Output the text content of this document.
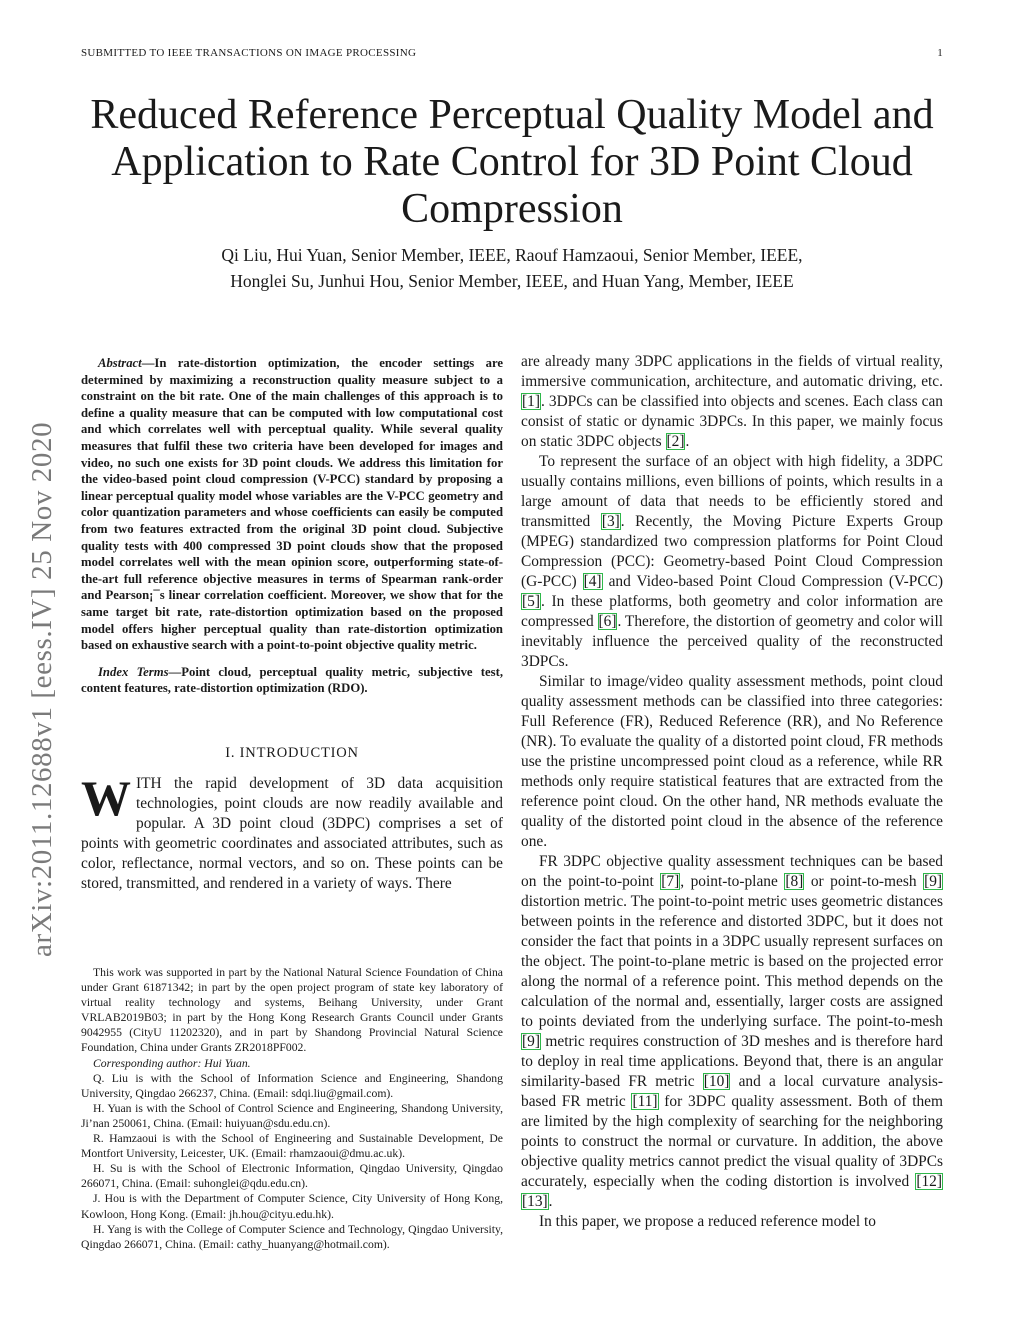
SUBMITTED TO IEEE TRANSACTIONS ON IMAGE PROCESSING	1
Reduced Reference Perceptual Quality Model and
Application to Rate Control for 3D Point Cloud
Compression
Qi Liu, Hui Yuan, Senior Member, IEEE, Raouf Hamzaoui, Senior Member, IEEE,
Honglei Su, Junhui Hou, Senior Member, IEEE, and Huan Yang, Member, IEEE
arXiv:2011.12688v1 [eess.IV] 25 Nov 2020

Abstract—In rate-distortion optimization, the encoder settings are determined by maximizing a reconstruction quality measure subject to a constraint on the bit rate. One of the main challenges of this approach is to define a quality measure that can be computed with low computational cost and which correlates well with perceptual quality. While several quality measures that fulfil these two criteria have been developed for images and video, no such one exists for 3D point clouds. We address this limitation for the video-based point cloud compression (V-PCC) standard by proposing a linear perceptual quality model whose variables are the V-PCC geometry and color quantization parameters and whose coefficients can easily be computed from two features extracted from the original 3D point cloud. Subjective quality tests with 400 compressed 3D point clouds show that the proposed model correlates well with the mean opinion score, outperforming state-of-the-art full reference objective measures in terms of Spearman rank-order and Pearson¡¯s linear correlation coefficient. Moreover, we show that for the same target bit rate, rate-distortion optimization based on the proposed model offers higher perceptual quality than rate-distortion optimization based on exhaustive search with a point-to-point objective quality metric.

Index Terms—Point cloud, perceptual quality metric, subjective test, content features, rate-distortion optimization (RDO).

I. INTRODUCTION

WITH the rapid development of 3D data acquisition technologies, point clouds are now readily available and popular. A 3D point cloud (3DPC) comprises a set of points with geometric coordinates and associated attributes, such as color, reflectance, normal vectors, and so on. These points can be stored, transmitted, and rendered in a variety of ways. There

This work was supported in part by the National Natural Science Foundation of China under Grant 61871342; in part by the open project program of state key laboratory of virtual reality technology and systems, Beihang University, under Grant VRLAB2019B03; in part by the Hong Kong Research Grants Council under Grants 9042955 (CityU 11202320), and in part by Shandong Provincial Natural Science Foundation, China under Grants ZR2018PF002.

Corresponding author: Hui Yuan.

Q. Liu is with the School of Information Science and Engineering, Shandong University, Qingdao 266237, China. (Email: sdqi.liu@gmail.com).

H. Yuan is with the School of Control Science and Engineering, Shandong University, Ji’nan 250061, China. (Email: huiyuan@sdu.edu.cn).

R. Hamzaoui is with the School of Engineering and Sustainable Development, De Montfort University, Leicester, UK. (Email: rhamzaoui@dmu.ac.uk).

H. Su is with the School of Electronic Information, Qingdao University, Qingdao 266071, China. (Email: suhonglei@qdu.edu.cn).

J. Hou is with the Department of Computer Science, City University of Hong Kong, Kowloon, Hong Kong. (Email: jh.hou@cityu.edu.hk).

H. Yang is with the College of Computer Science and Technology, Qingdao University, Qingdao 266071, China. (Email: cathy_huanyang@hotmail.com).

are already many 3DPC applications in the fields of virtual reality, immersive communication, architecture, and automatic driving, etc. [1]. 3DPCs can be classified into objects and scenes. Each class can consist of static or dynamic 3DPCs. In this paper, we mainly focus on static 3DPC objects [2].

To represent the surface of an object with high fidelity, a 3DPC usually contains millions, even billions of points, which results in a large amount of data that needs to be efficiently stored and transmitted [3]. Recently, the Moving Picture Experts Group (MPEG) standardized two compression platforms for Point Cloud Compression (PCC): Geometry-based Point Cloud Compression (G-PCC) [4] and Video-based Point Cloud Compression (V-PCC) [5]. In these platforms, both geometry and color information are compressed [6]. Therefore, the distortion of geometry and color will inevitably influence the perceived quality of the reconstructed 3DPCs.

Similar to image/video quality assessment methods, point cloud quality assessment methods can be classified into three categories: Full Reference (FR), Reduced Reference (RR), and No Reference (NR). To evaluate the quality of a distorted point cloud, FR methods use the pristine uncompressed point cloud as a reference, while RR methods only require statistical features that are extracted from the reference point cloud. On the other hand, NR methods evaluate the quality of the distorted point cloud in the absence of the reference one.

FR 3DPC objective quality assessment techniques can be based on the point-to-point [7], point-to-plane [8] or point-to-mesh [9] distortion metric. The point-to-point metric uses geometric distances between points in the reference and distorted 3DPC, but it does not consider the fact that points in a 3DPC usually represent surfaces on the object. The point-to-plane metric is based on the projected error along the normal of a reference point. This method depends on the calculation of the normal and, essentially, larger costs are assigned to points deviated from the underlying surface. The point-to-mesh [9] metric requires construction of 3D meshes and is therefore hard to deploy in real time applications. Beyond that, there is an angular similarity-based FR metric [10] and a local curvature analysis-based FR metric [11] for 3DPC quality assessment. Both of them are limited by the high complexity of searching for the neighboring points to construct the normal or curvature. In addition, the above objective quality metrics cannot predict the visual quality of 3DPCs accurately, especially when the coding distortion is involved [12] [13].

In this paper, we propose a reduced reference model to
